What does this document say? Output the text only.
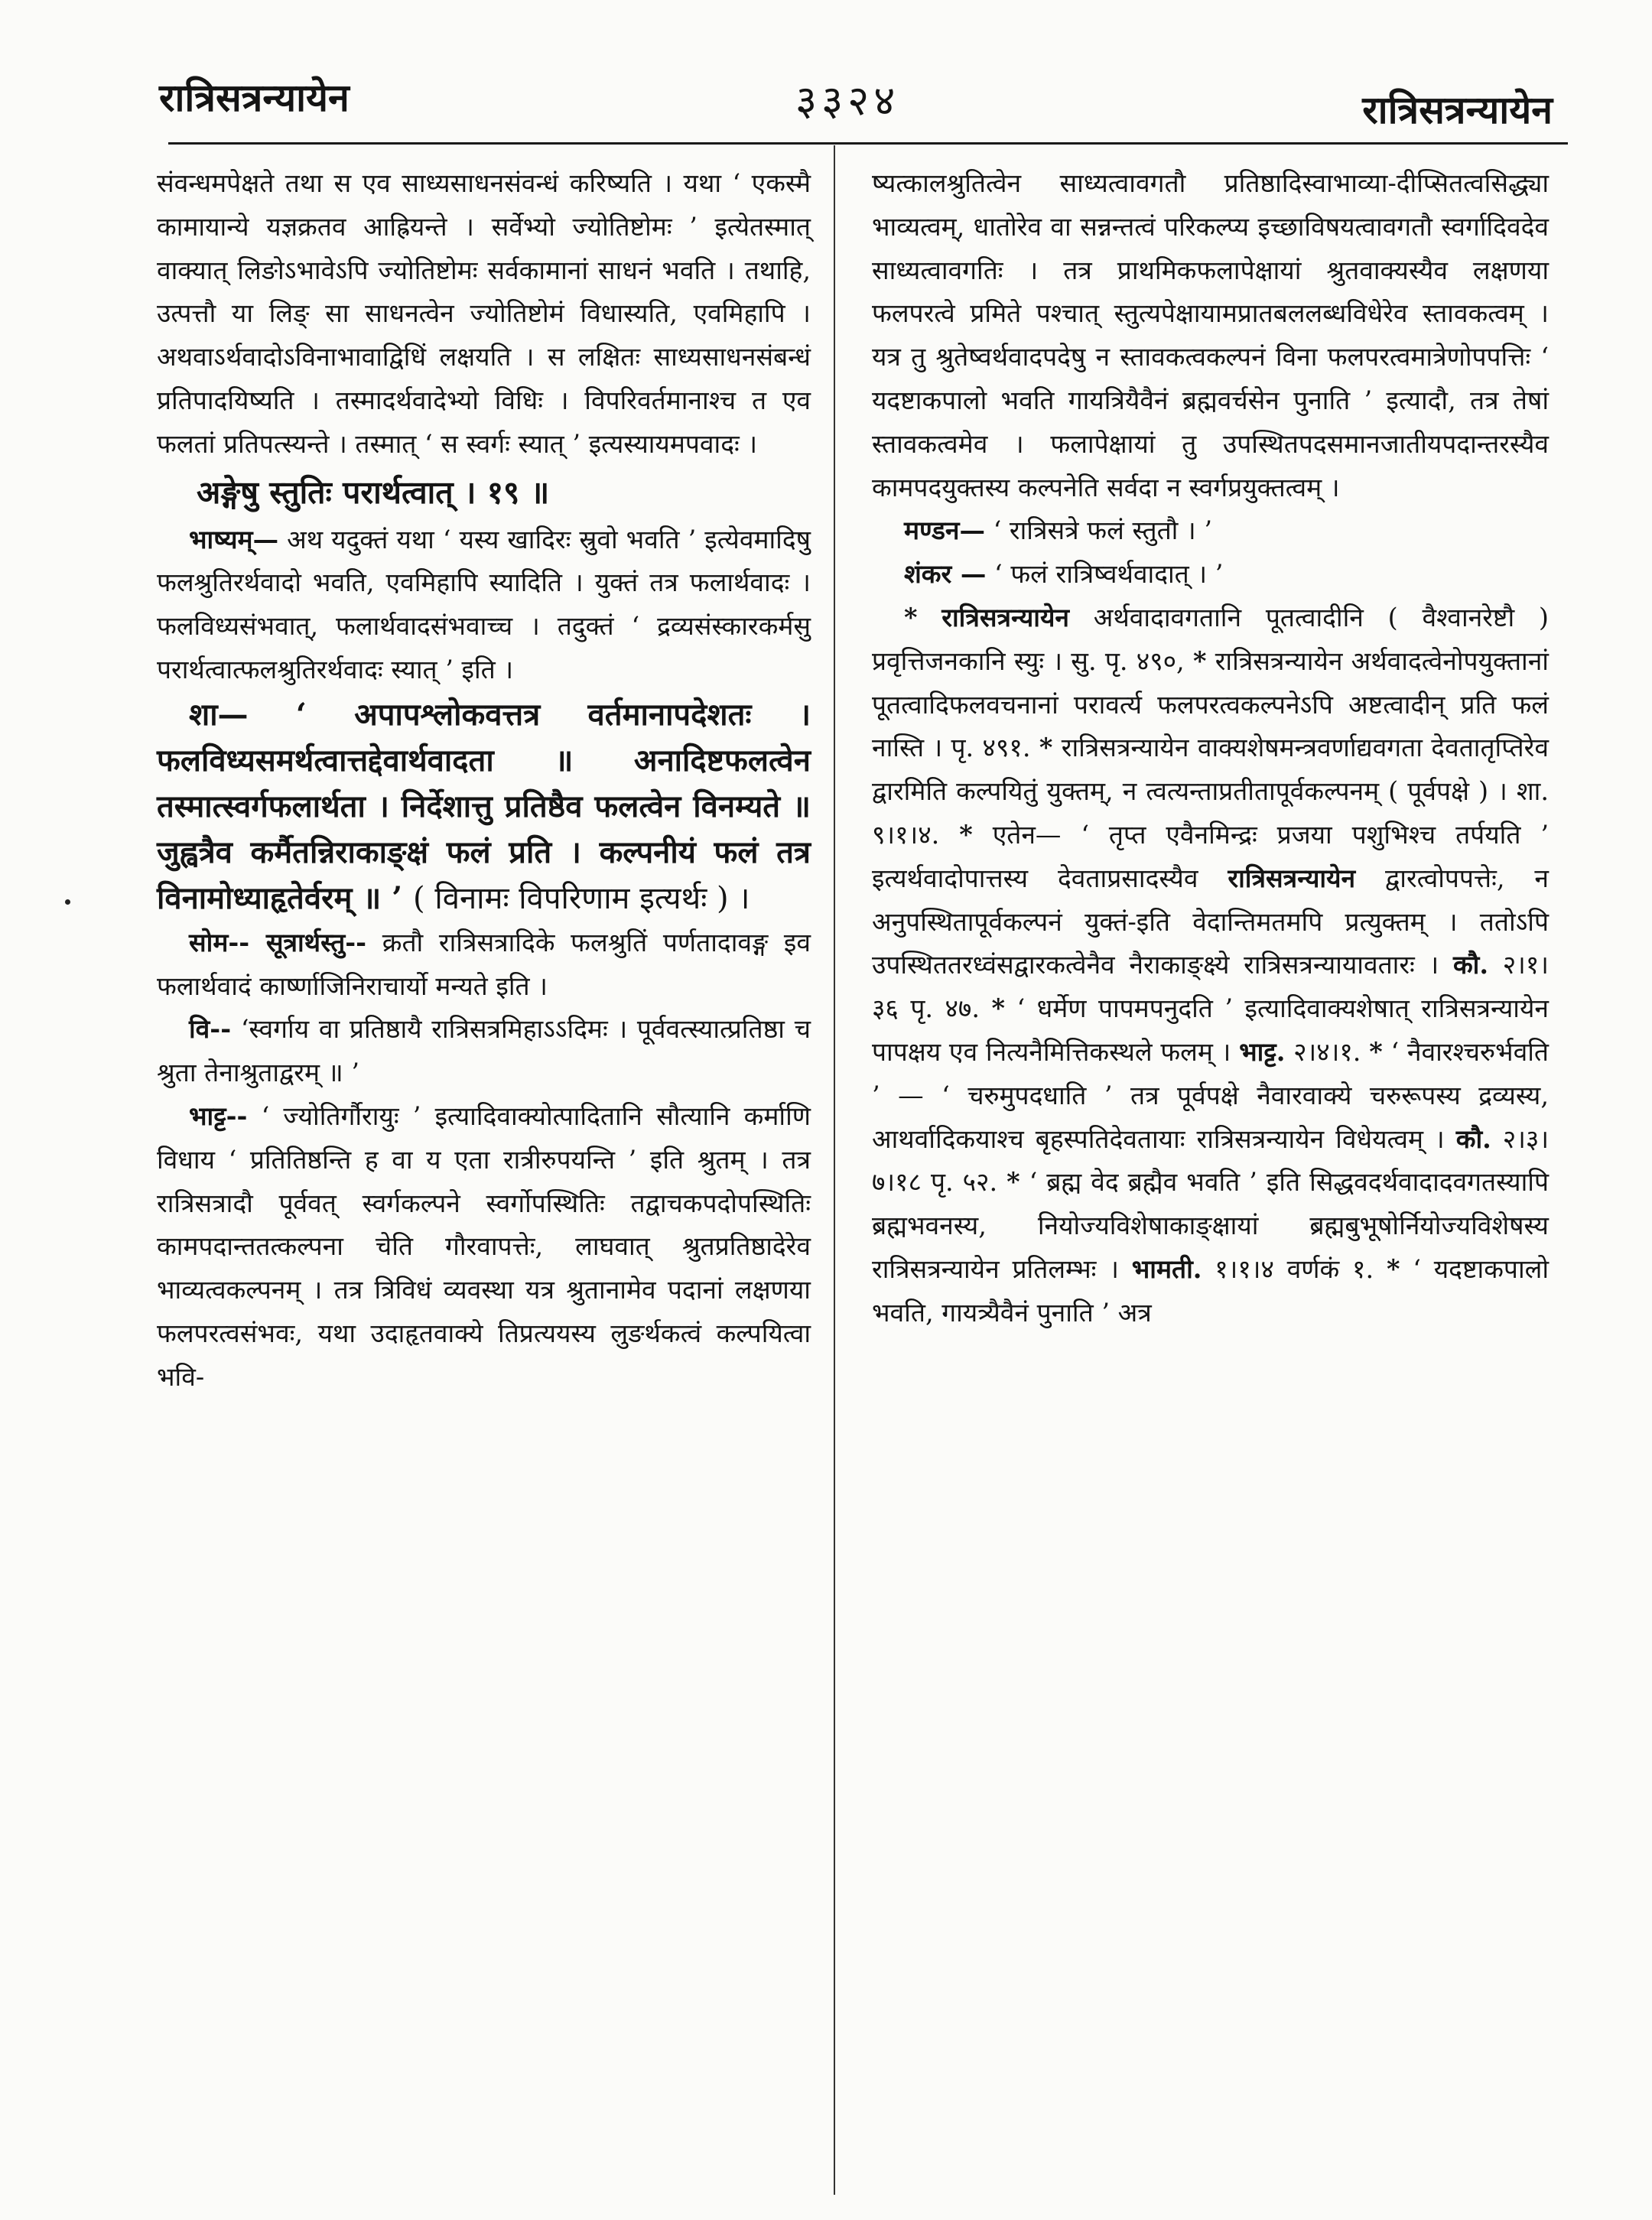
रात्रिसत्रन्यायेन	३३२४	रात्रिसत्रन्यायेन

संवन्धमपेक्षते तथा स एव साध्यसाधनसंवन्धं करिष्यति । यथा ‘ एकस्मै कामायान्ये यज्ञक्रतव आह्रियन्ते । सर्वेभ्यो ज्योतिष्टोमः ’ इत्येतस्मात् वाक्यात् लिङोऽभावेऽपि ज्योतिष्टोमः सर्वकामानां साधनं भवति । तथाहि, उत्पत्तौ या लिङ् सा साधनत्वेन ज्योतिष्टोमं विधास्यति, एवमिहापि । अथवाऽर्थवादोऽविनाभावाद्विधिं लक्षयति । स लक्षितः साध्यसाधनसंबन्धं प्रतिपादयिष्यति । तस्मादर्थवादेभ्यो विधिः । विपरिवर्तमानाश्च त एव फलतां प्रतिपत्स्यन्ते । तस्मात् ‘ स स्वर्गः स्यात् ’ इत्यस्यायमपवादः ।

अङ्गेषु स्तुतिः परार्थत्वात् । १९ ॥

भाष्यम्— अथ यदुक्तं यथा ‘ यस्य खादिरः स्रुवो भवति ’ इत्येवमादिषु फलश्रुतिरर्थवादो भवति, एवमिहापि स्यादिति । युक्तं तत्र फलार्थवादः । फलविध्यसंभवात्, फलार्थवादसंभवाच्च । तदुक्तं ‘ द्रव्यसंस्कारकर्मसु परार्थत्वात्फलश्रुतिरर्थवादः स्यात् ’ इति ।

शा— ‘ अपापश्लोकवत्तत्र वर्तमानापदेशतः । फलविध्यसमर्थत्वात्तद्देवार्थवादता ॥ अनादिष्टफलत्वेन तस्मात्स्वर्गफलार्थता । निर्देशात्तु प्रतिष्ठैव फलत्वेन विनम्यते ॥ जुह्वत्रैव कर्मैतन्निराकाङ्क्षं फलं प्रति । कल्पनीयं फलं तत्र विनामोध्याहृतेर्वरम् ॥ ’ ( विनामः विपरिणाम इत्यर्थः ) ।

सोम-- सूत्रार्थस्तु-- क्रतौ रात्रिसत्रादिके फलश्रुतिं पर्णतादावङ्ग इव फलार्थवादं कार्ष्णाजिनिराचार्यो मन्यते इति ।

वि-- ‘स्वर्गाय वा प्रतिष्ठायै रात्रिसत्रमिहाऽऽदिमः । पूर्ववत्स्यात्प्रतिष्ठा च श्रुता तेनाश्रुताद्वरम् ॥ ’

भाट्ट-- ‘ ज्योतिर्गौरायुः ’ इत्यादिवाक्योत्पादितानि सौत्यानि कर्माणि विधाय ‘ प्रतितिष्ठन्ति ह वा य एता रात्रीरुपयन्ति ’ इति श्रुतम् । तत्र रात्रिसत्रादौ पूर्ववत् स्वर्गकल्पने स्वर्गोपस्थितिः तद्वाचकपदोपस्थितिः कामपदान्ततत्कल्पना चेति गौरवापत्तेः, लाघवात् श्रुतप्रतिष्ठादेरेव भाव्यत्वकल्पनम् । तत्र त्रिविधं व्यवस्था यत्र श्रुतानामेव पदानां लक्षणया फलपरत्वसंभवः, यथा उदाहृतवाक्ये तिप्रत्ययस्य लुङर्थकत्वं कल्पयित्वा भवि-

ष्यत्कालश्रुतित्वेन साध्यत्वावगतौ प्रतिष्ठादिस्वाभाव्या-दीप्सितत्वसिद्ध्या भाव्यत्वम्, धातोरेव वा सन्नन्तत्वं परिकल्प्य इच्छाविषयत्वावगतौ स्वर्गादिवदेव साध्यत्वावगतिः । तत्र प्राथमिकफलापेक्षायां श्रुतवाक्यस्यैव लक्षणया फलपरत्वे प्रमिते पश्चात् स्तुत्यपेक्षायामप्रातबललब्धविधेरेव स्तावकत्वम् । यत्र तु श्रुतेष्वर्थवादपदेषु न स्तावकत्वकल्पनं विना फलपरत्वमात्रेणोपपत्तिः ‘ यदष्टाकपालो भवति गायत्रियैवैनं ब्रह्मवर्चसेन पुनाति ’ इत्यादौ, तत्र तेषां स्तावकत्वमेव । फलापेक्षायां तु उपस्थितपदसमानजातीयपदान्तरस्यैव कामपदयुक्तस्य कल्पनेति सर्वदा न स्वर्गप्रयुक्तत्वम् ।

मण्डन— ‘ रात्रिसत्रे फलं स्तुतौ । ’

शंकर — ‘ फलं रात्रिष्वर्थवादात् । ’

* रात्रिसत्रन्यायेन अर्थवादावगतानि पूतत्वादीनि ( वैश्वानरेष्टौ ) प्रवृत्तिजनकानि स्युः । सु. पृ. ४९०, * रात्रिसत्रन्यायेन अर्थवादत्वेनोपयुक्तानां पूतत्वादिफलवचनानां परावर्त्य फलपरत्वकल्पनेऽपि अष्टत्वादीन् प्रति फलं नास्ति । पृ. ४९१. * रात्रिसत्रन्यायेन वाक्यशेषमन्त्रवर्णाद्यवगता देवतातृप्तिरेव द्वारमिति कल्पयितुं युक्तम्, न त्वत्यन्ताप्रतीतापूर्वकल्पनम् ( पूर्वपक्षे ) । शा. ९।१।४. * एतेन— ‘ तृप्त एवैनमिन्द्रः प्रजया पशुभिश्च तर्पयति ’ इत्यर्थवादोपात्तस्य देवताप्रसादस्यैव रात्रिसत्रन्यायेन द्वारत्वोपपत्तेः, न अनुपस्थितापूर्वकल्पनं युक्तं-इति वेदान्तिमतमपि प्रत्युक्तम् । ततोऽपि उपस्थिततरध्वंसद्वारकत्वेनैव नैराकाङ्क्ष्ये रात्रिसत्रन्यायावतारः । कौ. २।१। ३६ पृ. ४७. * ‘ धर्मेण पापमपनुदति ’ इत्यादिवाक्यशेषात् रात्रिसत्रन्यायेन पापक्षय एव नित्यनैमित्तिकस्थले फलम् । भाट्ट. २।४।१. * ‘ नैवारश्चरुर्भवति ’ — ‘ चरुमुपदधाति ’ तत्र पूर्वपक्षे नैवारवाक्ये चरुरूपस्य द्रव्यस्य, आथर्वादिकयाश्च बृहस्पतिदेवतायाः रात्रिसत्रन्यायेन विधेयत्वम् । कौ. २।३।७।१८ पृ. ५२. * ‘ ब्रह्म वेद ब्रह्मैव भवति ’ इति सिद्धवदर्थवादादवगतस्यापि ब्रह्मभवनस्य, नियोज्यविशेषाकाङ्क्षायां ब्रह्मबुभूषोर्नियोज्यविशेषस्य रात्रिसत्रन्यायेन प्रतिलम्भः । भामती. १।१।४ वर्णकं १. * ‘ यदष्टाकपालो भवति, गायत्र्यैवैनं पुनाति ’ अत्र
